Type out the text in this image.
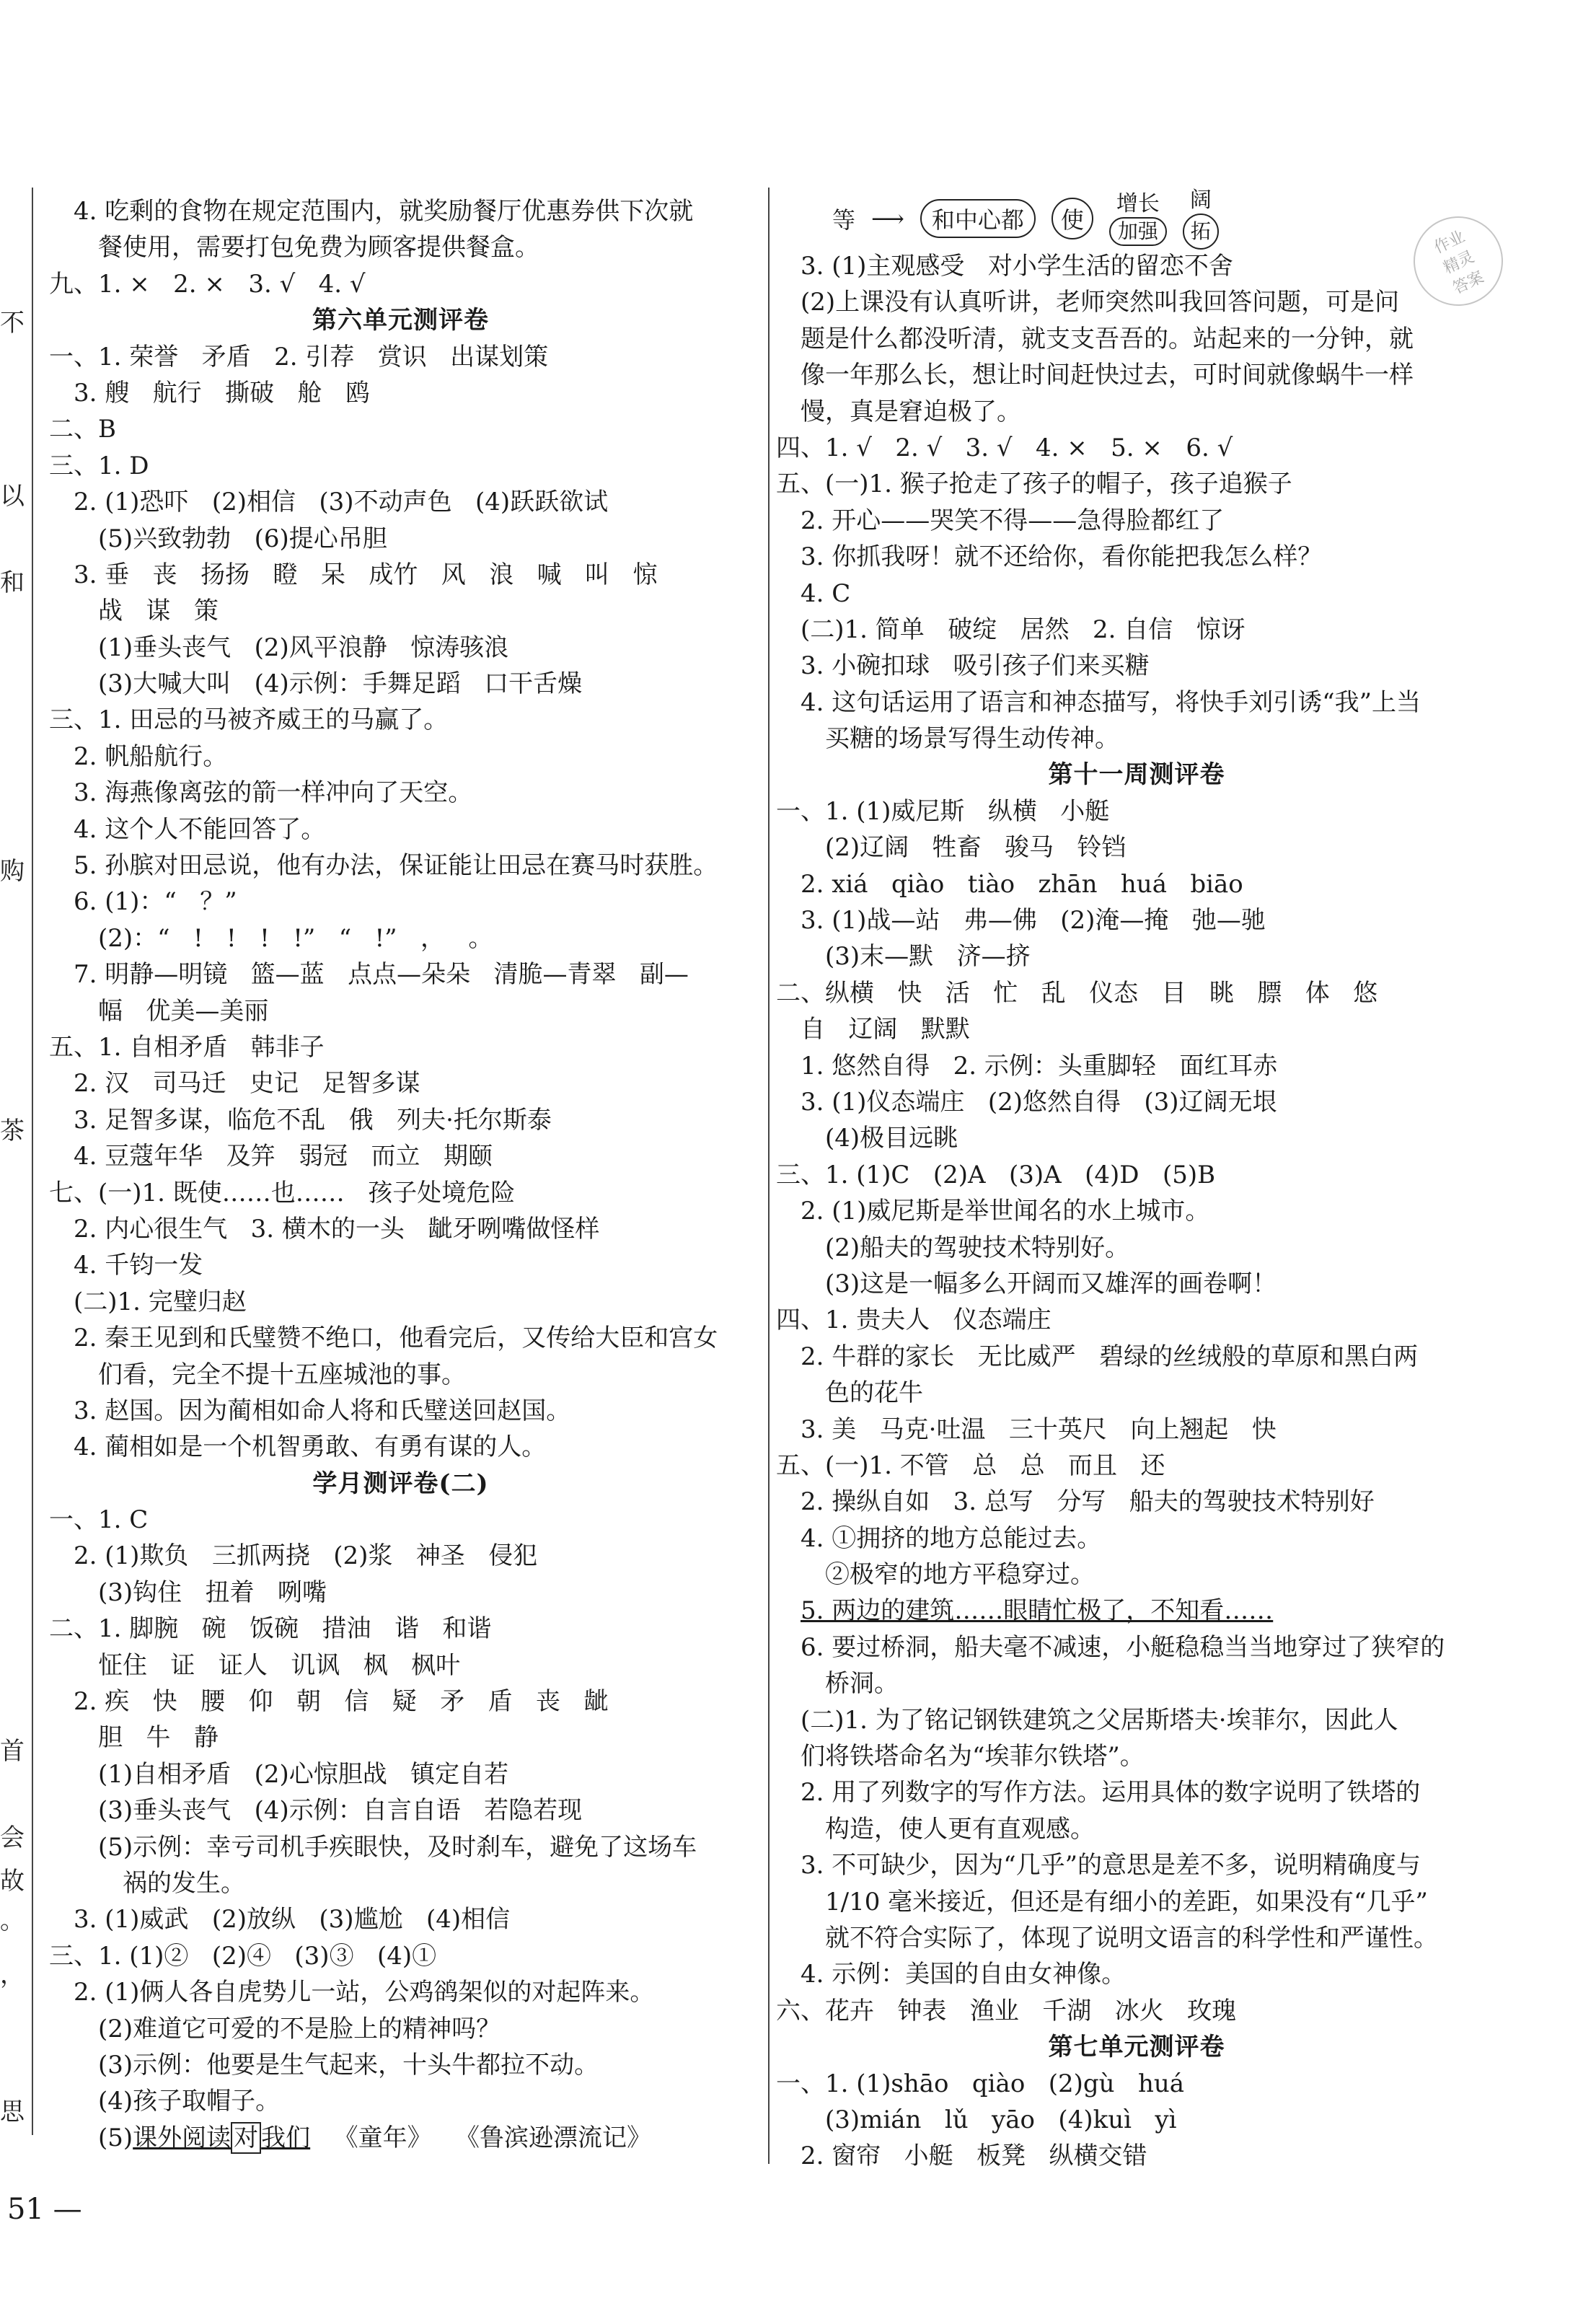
不
以
和
购
茶
首
会
故
。
，
思
4. 吃剩的食物在规定范围内，就奖励餐厅优惠券供下次就
餐使用，需要打包免费为顾客提供餐盒。
九、1. ×   2. ×   3. √   4. √
第六单元测评卷
一、1. 荣誉   矛盾   2. 引荐   赏识   出谋划策
3. 艘   航行   撕破   舱   鸥
二、B
三、1. D
2. (1)恐吓   (2)相信   (3)不动声色   (4)跃跃欲试
(5)兴致勃勃   (6)提心吊胆
3. 垂   丧   扬扬   瞪   呆   成竹   风   浪   喊   叫   惊
战   谋   策
(1)垂头丧气   (2)风平浪静   惊涛骇浪
(3)大喊大叫   (4)示例：手舞足蹈   口干舌燥
三、1. 田忌的马被齐威王的马赢了。
2. 帆船航行。
3. 海燕像离弦的箭一样冲向了天空。
4. 这个人不能回答了。
5. 孙膑对田忌说，他有办法，保证能让田忌在赛马时获胜。
6. (1)：“   ？”
(2)：“   !   !   !   !”   “   !”   ，   。
7. 明静—明镜   篮—蓝   点点—朵朵   清脆—青翠   副—
幅   优美—美丽
五、1. 自相矛盾   韩非子
2. 汉   司马迁   史记   足智多谋
3. 足智多谋，临危不乱   俄   列夫·托尔斯泰
4. 豆蔻年华   及笄   弱冠   而立   期颐
七、(一)1. 既使……也……   孩子处境危险
2. 内心很生气   3. 横木的一头   龇牙咧嘴做怪样
4. 千钧一发
(二)1. 完璧归赵
2. 秦王见到和氏璧赞不绝口，他看完后，又传给大臣和宫女
们看，完全不提十五座城池的事。
3. 赵国。因为蔺相如命人将和氏璧送回赵国。
4. 蔺相如是一个机智勇敢、有勇有谋的人。
学月测评卷(二)
一、1. C
2. (1)欺负   三抓两挠   (2)浆   神圣   侵犯
(3)钩住   扭着   咧嘴
二、1. 脚腕   碗   饭碗   措油   谐   和谐
怔住   证   证人   讥讽   枫   枫叶
2. 疾   快   腰   仰   朝   信   疑   矛   盾   丧   龇
胆   牛   静
(1)自相矛盾   (2)心惊胆战   镇定自若
(3)垂头丧气   (4)示例：自言自语   若隐若现
(5)示例：幸亏司机手疾眼快，及时刹车，避免了这场车
祸的发生。
3. (1)威武   (2)放纵   (3)尴尬   (4)相信
三、1. (1)②   (2)④   (3)③   (4)①
2. (1)俩人各自虎势儿一站，公鸡鹆架似的对起阵来。
(2)难道它可爱的不是脸上的精神吗？
(3)示例：他要是生气起来，十头牛都拉不动。
(4)孩子取帽子。
(5)课外阅读 对 我们   《童年》   《鲁滨逊漂流记》
等 ⟶	和中心都	使
增长
加强
阔
拓
3. (1)主观感受   对小学生活的留恋不舍
(2)上课没有认真听讲，老师突然叫我回答问题，可是问
题是什么都没听清，就支支吾吾的。站起来的一分钟，就
像一年那么长，想让时间赶快过去，可时间就像蜗牛一样
慢，真是窘迫极了。
四、1. √   2. √   3. √   4. ×   5. ×   6. √
五、(一)1. 猴子抢走了孩子的帽子，孩子追猴子
2. 开心——哭笑不得——急得脸都红了
3. 你抓我呀！就不还给你，看你能把我怎么样？
4. C
(二)1. 简单   破绽   居然   2. 自信   惊讶
3. 小碗扣球   吸引孩子们来买糖
4. 这句话运用了语言和神态描写，将快手刘引诱“我”上当
买糖的场景写得生动传神。
第十一周测评卷
一、1. (1)威尼斯   纵横   小艇
(2)辽阔   牲畜   骏马   铃铛
2. xiá   qiào   tiào   zhān   huá   biāo
3. (1)战—站   弗—佛   (2)淹—掩   弛—驰
(3)末—默   济—挤
二、纵横   快   活   忙   乱   仪态   目   眺   膘   体   悠
自   辽阔   默默
1. 悠然自得   2. 示例：头重脚轻   面红耳赤
3. (1)仪态端庄   (2)悠然自得   (3)辽阔无垠
(4)极目远眺
三、1. (1)C   (2)A   (3)A   (4)D   (5)B
2. (1)威尼斯是举世闻名的水上城市。
(2)船夫的驾驶技术特别好。
(3)这是一幅多么开阔而又雄浑的画卷啊！
四、1. 贵夫人   仪态端庄
2. 牛群的家长   无比威严   碧绿的丝绒般的草原和黑白两
色的花牛
3. 美   马克·吐温   三十英尺   向上翘起   快
五、(一)1. 不管   总   总   而且   还
2. 操纵自如   3. 总写   分写   船夫的驾驶技术特别好
4. ①拥挤的地方总能过去。
②极窄的地方平稳穿过。
5. 两边的建筑……眼睛忙极了，不知看……
6. 要过桥洞，船夫毫不减速，小艇稳稳当当地穿过了狭窄的
桥洞。
(二)1. 为了铭记钢铁建筑之父居斯塔夫·埃菲尔，因此人
们将铁塔命名为“埃菲尔铁塔”。
2. 用了列数字的写作方法。运用具体的数字说明了铁塔的
构造，使人更有直观感。
3. 不可缺少，因为“几乎”的意思是差不多，说明精确度与
1/10 毫米接近，但还是有细小的差距，如果没有“几乎”
就不符合实际了，体现了说明文语言的科学性和严谨性。
4. 示例：美国的自由女神像。
六、花卉   钟表   渔业   千湖   冰火   玫瑰
第七单元测评卷
一、1. (1)shāo   qiào   (2)gù   huá
(3)mián   lǔ   yāo   (4)kuì   yì
2. 窗帘   小艇   板凳   纵横交错
作业
精灵
答案
51 —
